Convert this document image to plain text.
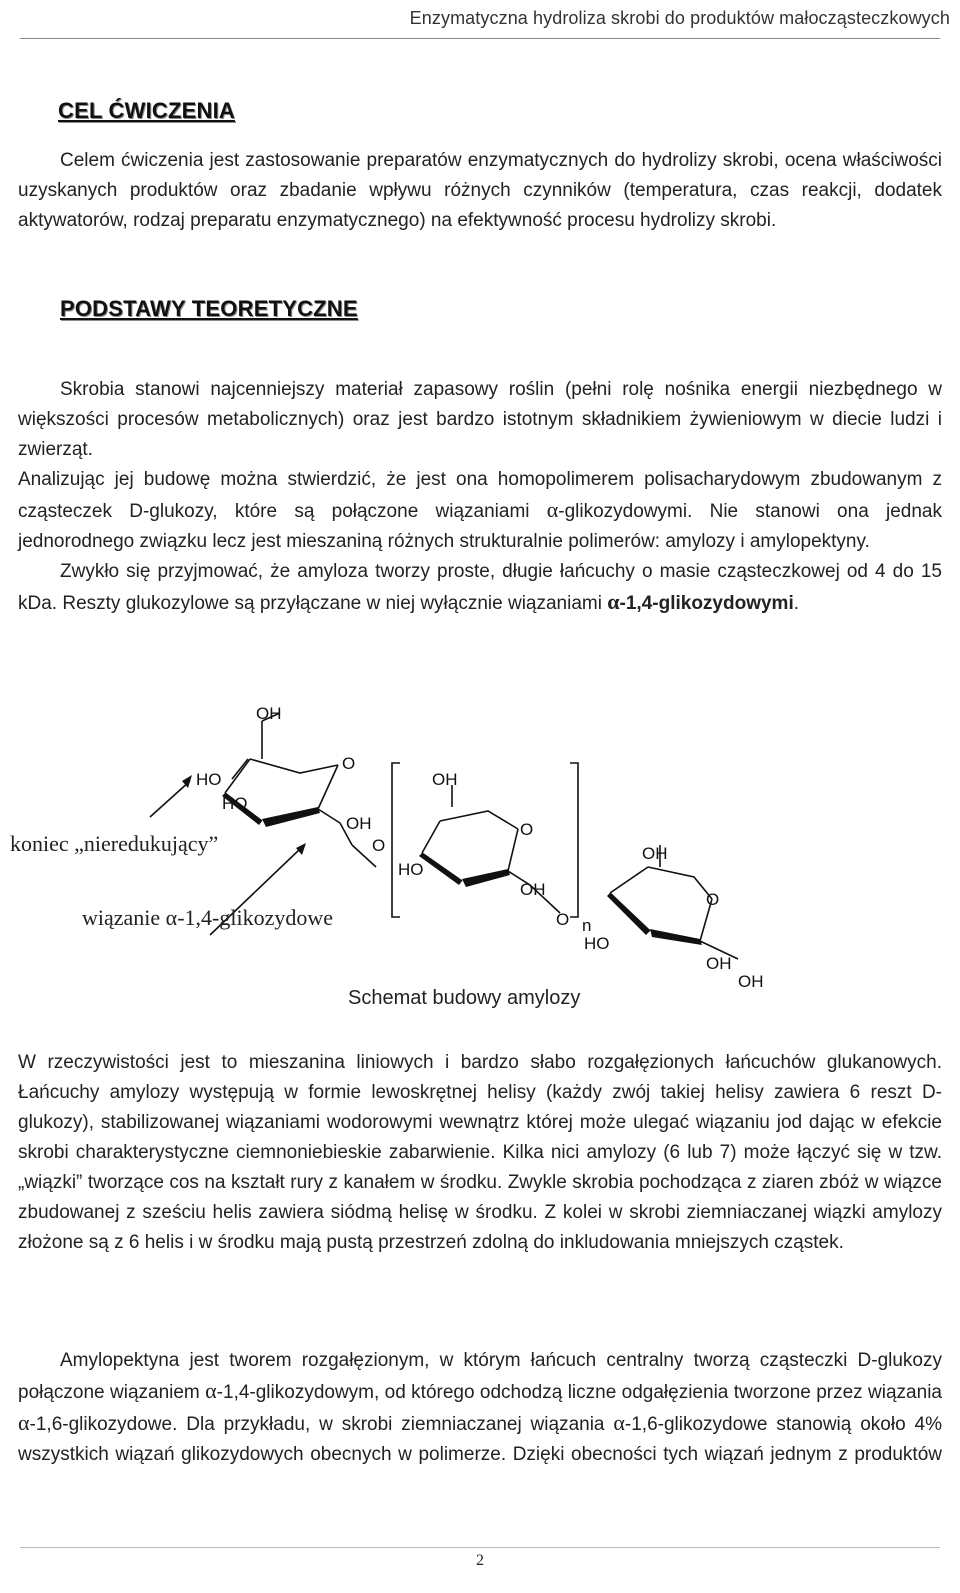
Enzymatyczna hydroliza skrobi do produktów małocząsteczkowych
CEL ĆWICZENIA

Celem ćwiczenia jest zastosowanie preparatów enzymatycznych do hydrolizy skrobi, ocena właściwości uzyskanych produktów oraz zbadanie wpływu różnych czynników (temperatura, czas reakcji, dodatek aktywatorów, rodzaj preparatu enzymatycznego) na efektywność procesu hydrolizy skrobi.

PODSTAWY TEORETYCZNE

Skrobia stanowi najcenniejszy materiał zapasowy roślin (pełni rolę nośnika energii niezbędnego w większości procesów metabolicznych) oraz jest bardzo istotnym składnikiem żywieniowym w diecie ludzi i zwierząt.

Analizując jej budowę można stwierdzić, że jest ona homopolimerem polisacharydowym zbudowanym z cząsteczek D-glukozy, które są połączone wiązaniami α-glikozydowymi. Nie stanowi ona jednak jednorodnego związku lecz jest mieszaniną różnych strukturalnie polimerów: amylozy i amylopektyny.

Zwykło się przyjmować, że amyloza tworzy proste, długie łańcuchy o masie cząsteczkowej od 4 do 15 kDa. Reszty glukozylowe są przyłączane w niej wyłącznie wiązaniami α-1,4-glikozydowymi.

OH
O
HO
HO
OH
O
OH
O
HO
OH
O n
HO
OH
O
OH
OH
koniec „nieredukujący”
wiązanie α-1,4-glikozydowe
Schemat budowy amylozy

W rzeczywistości jest to mieszanina liniowych i bardzo słabo rozgałęzionych łańcuchów glukanowych. Łańcuchy amylozy występują w formie lewoskrętnej helisy (każdy zwój takiej helisy zawiera 6 reszt D-glukozy), stabilizowanej wiązaniami wodorowymi wewnątrz której może ulegać wiązaniu jod dając w efekcie skrobi charakterystyczne ciemnoniebieskie zabarwienie. Kilka nici amylozy (6 lub 7) może łączyć się w tzw. „wiązki” tworzące cos na kształt rury z kanałem w środku. Zwykle skrobia pochodząca z ziaren zbóż w wiązce zbudowanej z sześciu helis zawiera siódmą helisę w środku. Z kolei w skrobi ziemniaczanej wiązki amylozy złożone są z 6 helis i w środku mają pustą przestrzeń zdolną do inkludowania mniejszych cząstek.

Amylopektyna jest tworem rozgałęzionym, w którym łańcuch centralny tworzą cząsteczki D-glukozy połączone wiązaniem α-1,4-glikozydowym, od którego odchodzą liczne odgałęzienia tworzone przez wiązania α-1,6-glikozydowe. Dla przykładu, w skrobi ziemniaczanej wiązania α-1,6-glikozydowe stanowią około 4% wszystkich wiązań glikozydowych obecnych w polimerze. Dzięki obecności tych wiązań jednym z produktów

2
